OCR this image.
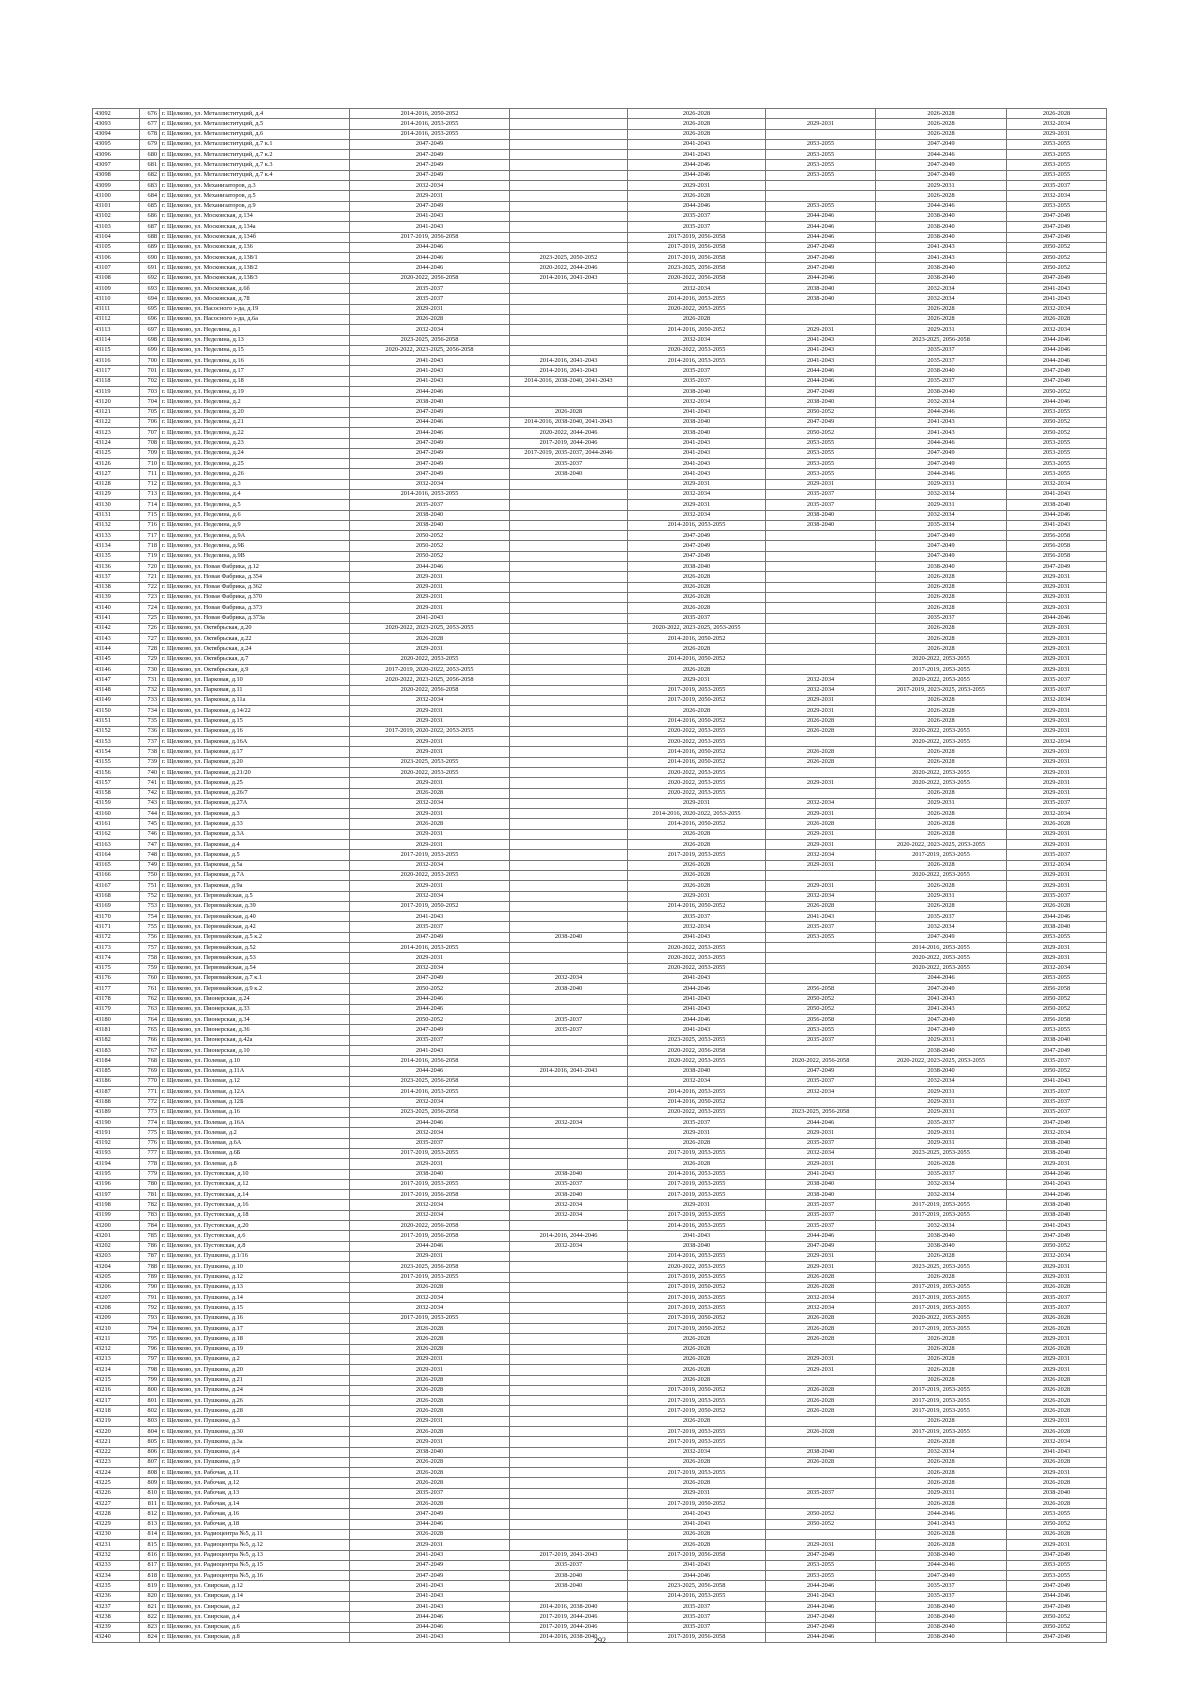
43092	676	г. Щелково, ул. Металлиституций, д.4	2014-2016, 2050-2052		2026-2028		2026-2028	2026-2028
43093	677	г. Щелково, ул. Металлиституций, д.5	2014-2016, 2053-2055		2026-2028	2029-2031	2026-2028	2032-2034
43094	678	г. Щелково, ул. Металлиституций, д.6	2014-2016, 2053-2055		2026-2028		2026-2028	2029-2031
43095	679	г. Щелково, ул. Металлиституций, д.7 к.1	2047-2049		2041-2043	2053-2055	2047-2049	2053-2055
43096	680	г. Щелково, ул. Металлиституций, д.7 к.2	2047-2049		2041-2043	2053-2055	2044-2046	2053-2055
43097	681	г. Щелково, ул. Металлиституций, д.7 к.3	2047-2049		2044-2046	2053-2055	2047-2049	2053-2055
43098	682	г. Щелково, ул. Металлиституций, д.7 к.4	2047-2049		2044-2046	2053-2055	2047-2049	2053-2055
43099	683	г. Щелково, ул. Механизаторов, д.3	2032-2034		2029-2031		2029-2031	2035-2037
43100	684	г. Щелково, ул. Механизаторов, д.5	2029-2031		2026-2028		2026-2028	2032-2034
43101	685	г. Щелково, ул. Механизаторов, д.9	2047-2049		2044-2046	2053-2055	2044-2046	2053-2055
43102	686	г. Щелково, ул. Московская, д.134	2041-2043		2035-2037	2044-2046	2038-2040	2047-2049
43103	687	г. Щелково, ул. Московская, д.134а	2041-2043		2035-2037	2044-2046	2038-2040	2047-2049
43104	688	г. Щелково, ул. Московская, д.134б	2017-2019, 2056-2058		2017-2019, 2056-2058	2044-2046	2038-2040	2047-2049
43105	689	г. Щелково, ул. Московская, д.136	2044-2046		2017-2019, 2056-2058	2047-2049	2041-2043	2050-2052
43106	690	г. Щелково, ул. Московская, д.138/1	2044-2046	2023-2025, 2050-2052	2017-2019, 2056-2058	2047-2049	2041-2043	2050-2052
43107	691	г. Щелково, ул. Московская, д.138/2	2044-2046	2020-2022, 2044-2046	2023-2025, 2056-2058	2047-2049	2038-2040	2050-2052
43108	692	г. Щелково, ул. Московская, д.138/3	2020-2022, 2056-2058	2014-2016, 2041-2043	2020-2022, 2056-2058	2044-2046	2038-2040	2047-2049
43109	693	г. Щелково, ул. Московская, д.6б	2035-2037		2032-2034	2038-2040	2032-2034	2041-2043
43110	694	г. Щелково, ул. Московская, д.78	2035-2037		2014-2016, 2053-2055	2038-2040	2032-2034	2041-2043
43111	695	г. Щелково, ул. Насосного з-да, д.19	2029-2031		2020-2022, 2053-2055		2026-2028	2032-2034
43112	696	г. Щелково, ул. Насосного з-да, д.6а	2026-2028		2026-2028		2026-2028	2026-2028
43113	697	г. Щелково, ул. Неделина, д.1	2032-2034		2014-2016, 2050-2052	2029-2031	2029-2031	2032-2034
43114	698	г. Щелково, ул. Неделина, д.13	2023-2025, 2056-2058		2032-2034	2041-2043	2023-2025, 2056-2058	2044-2046
43115	699	г. Щелково, ул. Неделина, д.15	2020-2022, 2023-2025, 2056-2058		2020-2022, 2053-2055	2041-2043	2035-2037	2044-2046
43116	700	г. Щелково, ул. Неделина, д.16	2041-2043	2014-2016, 2041-2043	2014-2016, 2053-2055	2041-2043	2035-2037	2044-2046
43117	701	г. Щелково, ул. Неделина, д.17	2041-2043	2014-2016, 2041-2043	2035-2037	2044-2046	2038-2040	2047-2049
43118	702	г. Щелково, ул. Неделина, д.18	2041-2043	2014-2016, 2038-2040, 2041-2043	2035-2037	2044-2046	2035-2037	2047-2049
43119	703	г. Щелково, ул. Неделина, д.19	2044-2046		2038-2040	2047-2049	2038-2040	2050-2052
43120	704	г. Щелково, ул. Неделина, д.2	2038-2040		2032-2034	2038-2040	2032-2034	2044-2046
43121	705	г. Щелково, ул. Неделина, д.20	2047-2049	2026-2028	2041-2043	2050-2052	2044-2046	2053-2055
43122	706	г. Щелково, ул. Неделина, д.21	2044-2046	2014-2016, 2038-2040, 2041-2043	2038-2040	2047-2049	2041-2043	2050-2052
43123	707	г. Щелково, ул. Неделина, д.22	2044-2046	2020-2022, 2044-2046	2038-2040	2050-2052	2041-2043	2050-2052
43124	708	г. Щелково, ул. Неделина, д.23	2047-2049	2017-2019, 2044-2046	2041-2043	2053-2055	2044-2046	2053-2055
43125	709	г. Щелково, ул. Неделина, д.24	2047-2049	2017-2019, 2035-2037, 2044-2046	2041-2043	2053-2055	2047-2049	2053-2055
43126	710	г. Щелково, ул. Неделина, д.25	2047-2049	2035-2037	2041-2043	2053-2055	2047-2049	2053-2055
43127	711	г. Щелково, ул. Неделина, д.26	2047-2049	2038-2040	2041-2043	2053-2055	2044-2046	2053-2055
43128	712	г. Щелково, ул. Неделина, д.3	2032-2034		2029-2031	2029-2031	2029-2031	2032-2034
43129	713	г. Щелково, ул. Неделина, д.4	2014-2016, 2053-2055		2032-2034	2035-2037	2032-2034	2041-2043
43130	714	г. Щелково, ул. Неделина, д.5	2035-2037		2029-2031	2035-2037	2029-2031	2038-2040
43131	715	г. Щелково, ул. Неделина, д.6	2038-2040		2032-2034	2038-2040	2032-2034	2044-2046
43132	716	г. Щелково, ул. Неделина, д.9	2038-2040		2014-2016, 2053-2055	2038-2040	2035-2034	2041-2043
43133	717	г. Щелково, ул. Неделина, д.9А	2050-2052		2047-2049		2047-2049	2056-2058
43134	718	г. Щелково, ул. Неделина, д.9Б	2050-2052		2047-2049		2047-2049	2056-2058
43135	719	г. Щелково, ул. Неделина, д.9В	2050-2052		2047-2049		2047-2049	2056-2058
43136	720	г. Щелково, ул. Новая Фабрика, д.12	2044-2046		2038-2040		2038-2040	2047-2049
43137	721	г. Щелково, ул. Новая Фабрика, д.354	2029-2031		2026-2028		2026-2028	2029-2031
43138	722	г. Щелково, ул. Новая Фабрика, д.362	2029-2031		2026-2028		2026-2028	2029-2031
43139	723	г. Щелково, ул. Новая Фабрика, д.370	2029-2031		2026-2028		2026-2028	2029-2031
43140	724	г. Щелково, ул. Новая Фабрика, д.373	2029-2031		2026-2028		2026-2028	2029-2031
43141	725	г. Щелково, ул. Новая Фабрика, д.373а	2041-2043		2035-2037		2035-2037	2044-2046
43142	726	г. Щелково, ул. Октябрьская, д.20	2020-2022, 2023-2025, 2053-2055		2020-2022, 2023-2025, 2053-2055		2026-2028	2029-2031
43143	727	г. Щелково, ул. Октябрьская, д.22	2026-2028		2014-2016, 2050-2052		2026-2028	2029-2031
43144	728	г. Щелково, ул. Октябрьская, д.24	2029-2031		2026-2028		2026-2028	2029-2031
43145	729	г. Щелково, ул. Октябрьская, д.7	2020-2022, 2053-2055		2014-2016, 2050-2052		2020-2022, 2053-2055	2029-2031
43146	730	г. Щелково, ул. Октябрьская, д.9	2017-2019, 2020-2022, 2053-2055		2026-2028		2017-2019, 2053-2055	2029-2031
43147	731	г. Щелково, ул. Парковая, д.10	2020-2022, 2023-2025, 2056-2058		2029-2031	2032-2034	2020-2022, 2053-2055	2035-2037
43148	732	г. Щелково, ул. Парковая, д.11	2020-2022, 2056-2058		2017-2019, 2053-2055	2032-2034	2017-2019, 2023-2025, 2053-2055	2035-2037
43149	733	г. Щелково, ул. Парковая, д.11а	2032-2034		2017-2019, 2050-2052	2029-2031	2026-2028	2032-2034
43150	734	г. Щелково, ул. Парковая, д.14/22	2029-2031		2026-2028	2029-2031	2026-2028	2029-2031
43151	735	г. Щелково, ул. Парковая, д.15	2029-2031		2014-2016, 2050-2052	2026-2028	2026-2028	2029-2031
43152	736	г. Щелково, ул. Парковая, д.16	2017-2019, 2020-2022, 2053-2055		2020-2022, 2053-2055	2026-2028	2020-2022, 2053-2055	2029-2031
43153	737	г. Щелково, ул. Парковая, д.16А	2029-2031		2020-2022, 2053-2055		2020-2022, 2053-2055	2032-2034
43154	738	г. Щелково, ул. Парковая, д.17	2029-2031		2014-2016, 2050-2052	2026-2028	2026-2028	2029-2031
43155	739	г. Щелково, ул. Парковая, д.20	2023-2025, 2053-2055		2014-2016, 2050-2052	2026-2028	2026-2028	2029-2031
43156	740	г. Щелково, ул. Парковая, д.21/20	2020-2022, 2053-2055		2020-2022, 2053-2055		2020-2022, 2053-2055	2029-2031
43157	741	г. Щелково, ул. Парковая, д.25	2029-2031		2020-2022, 2053-2055	2029-2031	2020-2022, 2053-2055	2029-2031
43158	742	г. Щелково, ул. Парковая, д.26/7	2026-2028		2020-2022, 2053-2055		2026-2028	2029-2031
43159	743	г. Щелково, ул. Парковая, д.27А	2032-2034		2029-2031	2032-2034	2029-2031	2035-2037
43160	744	г. Щелково, ул. Парковая, д.3	2029-2031		2014-2016, 2020-2022, 2053-2055	2029-2031	2026-2028	2032-2034
43161	745	г. Щелково, ул. Парковая, д.33	2026-2028		2014-2016, 2050-2052	2026-2028	2026-2028	2026-2028
43162	746	г. Щелково, ул. Парковая, д.3А	2029-2031		2026-2028	2029-2031	2026-2028	2029-2031
43163	747	г. Щелково, ул. Парковая, д.4	2029-2031		2026-2028	2029-2031	2020-2022, 2023-2025, 2053-2055	2029-2031
43164	748	г. Щелково, ул. Парковая, д.5	2017-2019, 2053-2055		2017-2019, 2053-2055	2032-2034	2017-2019, 2053-2055	2035-2037
43165	749	г. Щелково, ул. Парковая, д.5а	2032-2034		2026-2028	2029-2031	2026-2028	2032-2034
43166	750	г. Щелково, ул. Парковая, д.7А	2020-2022, 2053-2055		2026-2028		2020-2022, 2053-2055	2029-2031
43167	751	г. Щелково, ул. Парковая, д.9а	2029-2031		2026-2028	2029-2031	2026-2028	2029-2031
43168	752	г. Щелково, ул. Первомайская, д.5	2032-2034		2029-2031	2032-2034	2029-2031	2035-2037
43169	753	г. Щелково, ул. Первомайская, д.39	2017-2019, 2050-2052		2014-2016, 2050-2052	2026-2028	2026-2028	2026-2028
43170	754	г. Щелково, ул. Первомайская, д.40	2041-2043		2035-2037	2041-2043	2035-2037	2044-2046
43171	755	г. Щелково, ул. Первомайская, д.42	2035-2037		2032-2034	2035-2037	2032-2034	2038-2040
43172	756	г. Щелково, ул. Первомайская, д.5 к.2	2047-2049	2038-2040	2041-2043	2053-2055	2047-2049	2053-2055
43173	757	г. Щелково, ул. Первомайская, д.52	2014-2016, 2053-2055		2020-2022, 2053-2055		2014-2016, 2053-2055	2029-2031
43174	758	г. Щелково, ул. Первомайская, д.53	2029-2031		2020-2022, 2053-2055		2020-2022, 2053-2055	2029-2031
43175	759	г. Щелково, ул. Первомайская, д.54	2032-2034		2020-2022, 2053-2055		2020-2022, 2053-2055	2032-2034
43176	760	г. Щелково, ул. Первомайская, д.7 к.1	2047-2049	2032-2034	2041-2043		2044-2046	2053-2055
43177	761	г. Щелково, ул. Первомайская, д.9 к.2	2050-2052	2038-2040	2044-2046	2056-2058	2047-2049	2056-2058
43178	762	г. Щелково, ул. Пионерская, д.24	2044-2046		2041-2043	2050-2052	2041-2043	2050-2052
43179	763	г. Щелково, ул. Пионерская, д.33	2044-2046		2041-2043	2050-2052	2041-2043	2050-2052
43180	764	г. Щелково, ул. Пионерская, д.34	2050-2052	2035-2037	2044-2046	2056-2058	2047-2049	2056-2058
43181	765	г. Щелково, ул. Пионерская, д.36	2047-2049	2035-2037	2041-2043	2053-2055	2047-2049	2053-2055
43182	766	г. Щелково, ул. Пионерская, д.42а	2035-2037		2023-2025, 2053-2055	2035-2037	2029-2031	2038-2040
43183	767	г. Щелково, ул. Пионерская, д.10	2041-2043		2020-2022, 2056-2058		2038-2040	2047-2049
43184	768	г. Щелково, ул. Полевая, д.10	2014-2016, 2056-2058		2020-2022, 2053-2055	2020-2022, 2056-2058	2020-2022, 2023-2025, 2053-2055	2035-2037
43185	769	г. Щелково, ул. Полевая, д.11А	2044-2046	2014-2016, 2041-2043	2038-2040	2047-2049	2038-2040	2050-2052
43186	770	г. Щелково, ул. Полевая, д.12	2023-2025, 2056-2058		2032-2034	2035-2037	2032-2034	2041-2043
43187	771	г. Щелково, ул. Полевая, д.12А	2014-2016, 2053-2055		2014-2016, 2053-2055	2032-2034	2029-2031	2035-2037
43188	772	г. Щелково, ул. Полевая, д.12Б	2032-2034		2014-2016, 2050-2052		2029-2031	2035-2037
43189	773	г. Щелково, ул. Полевая, д.16	2023-2025, 2056-2058		2020-2022, 2053-2055	2023-2025, 2056-2058	2029-2031	2035-2037
43190	774	г. Щелково, ул. Полевая, д.16А	2044-2046	2032-2034	2035-2037	2044-2046	2035-2037	2047-2049
43191	775	г. Щелково, ул. Полевая, д.2	2032-2034		2029-2031	2029-2031	2029-2031	2032-2034
43192	776	г. Щелково, ул. Полевая, д.6А	2035-2037		2026-2028	2035-2037	2029-2031	2038-2040
43193	777	г. Щелково, ул. Полевая, д.6Б	2017-2019, 2053-2055		2017-2019, 2053-2055	2032-2034	2023-2025, 2053-2055	2038-2040
43194	778	г. Щелково, ул. Полевая, д.8	2029-2031		2026-2028	2029-2031	2026-2028	2029-2031
43195	779	г. Щелково, ул. Пустовская, д.10	2038-2040	2038-2040	2014-2016, 2053-2055	2041-2043	2035-2037	2044-2046
43196	780	г. Щелково, ул. Пустовская, д.12	2017-2019, 2053-2055	2035-2037	2017-2019, 2053-2055	2038-2040	2032-2034	2041-2043
43197	781	г. Щелково, ул. Пустовская, д.14	2017-2019, 2056-2058	2038-2040	2017-2019, 2053-2055	2038-2040	2032-2034	2044-2046
43198	782	г. Щелково, ул. Пустовская, д.16	2032-2034	2032-2034	2029-2031	2035-2037	2017-2019, 2053-2055	2038-2040
43199	783	г. Щелково, ул. Пустовская, д.18	2032-2034	2032-2034	2017-2019, 2053-2055	2035-2037	2017-2019, 2053-2055	2038-2040
43200	784	г. Щелково, ул. Пустовская, д.20	2020-2022, 2056-2058		2014-2016, 2053-2055	2035-2037	2032-2034	2041-2043
43201	785	г. Щелково, ул. Пустовская, д.6	2017-2019, 2056-2058	2014-2016, 2044-2046	2041-2043	2044-2046	2038-2040	2047-2049
43202	786	г. Щелково, ул. Пустовская, д.8	2044-2046	2032-2034	2038-2040	2047-2049	2038-2040	2050-2052
43203	787	г. Щелково, ул. Пушкина, д.1/16	2029-2031		2014-2016, 2053-2055	2029-2031	2026-2028	2032-2034
43204	788	г. Щелково, ул. Пушкина, д.10	2023-2025, 2056-2058		2020-2022, 2053-2055	2029-2031	2023-2025, 2053-2055	2029-2031
43205	789	г. Щелково, ул. Пушкина, д.12	2017-2019, 2053-2055		2017-2019, 2053-2055	2026-2028	2026-2028	2029-2031
43206	790	г. Щелково, ул. Пушкина, д.13	2026-2028		2017-2019, 2050-2052	2026-2028	2017-2019, 2053-2055	2026-2028
43207	791	г. Щелково, ул. Пушкина, д.14	2032-2034		2017-2019, 2053-2055	2032-2034	2017-2019, 2053-2055	2035-2037
43208	792	г. Щелково, ул. Пушкина, д.15	2032-2034		2017-2019, 2053-2055	2032-2034	2017-2019, 2053-2055	2035-2037
43209	793	г. Щелково, ул. Пушкина, д.16	2017-2019, 2053-2055		2017-2019, 2050-2052	2026-2028	2020-2022, 2053-2055	2026-2028
43210	794	г. Щелково, ул. Пушкина, д.17	2026-2028		2017-2019, 2050-2052	2026-2028	2017-2019, 2053-2055	2026-2028
43211	795	г. Щелково, ул. Пушкина, д.18	2026-2028		2026-2028	2026-2028	2026-2028	2029-2031
43212	796	г. Щелково, ул. Пушкина, д.19	2026-2028		2026-2028		2026-2028	2026-2028
43213	797	г. Щелково, ул. Пушкина, д.2	2029-2031		2026-2028	2029-2031	2026-2028	2029-2031
43214	798	г. Щелково, ул. Пушкина, д.20	2029-2031		2026-2028	2029-2031	2026-2028	2029-2031
43215	799	г. Щелково, ул. Пушкина, д.21	2026-2028		2026-2028		2026-2028	2026-2028
43216	800	г. Щелково, ул. Пушкина, д.24	2026-2028		2017-2019, 2050-2052	2026-2028	2017-2019, 2053-2055	2026-2028
43217	801	г. Щелково, ул. Пушкина, д.26	2026-2028		2017-2019, 2053-2055	2026-2028	2017-2019, 2053-2055	2026-2028
43218	802	г. Щелково, ул. Пушкина, д.28	2026-2028		2017-2019, 2050-2052	2026-2028	2017-2019, 2053-2055	2026-2028
43219	803	г. Щелково, ул. Пушкина, д.3	2029-2031		2026-2028		2026-2028	2029-2031
43220	804	г. Щелково, ул. Пушкина, д.30	2026-2028		2017-2019, 2053-2055	2026-2028	2017-2019, 2053-2055	2026-2028
43221	805	г. Щелково, ул. Пушкина, д.3а	2029-2031		2017-2019, 2053-2055		2026-2028	2032-2034
43222	806	г. Щелково, ул. Пушкина, д.4	2038-2040		2032-2034	2038-2040	2032-2034	2041-2043
43223	807	г. Щелково, ул. Пушкина, д.9	2026-2028		2026-2028	2026-2028	2026-2028	2026-2028
43224	808	г. Щелково, ул. Рабочая, д.11	2026-2028		2017-2019, 2053-2055		2026-2028	2029-2031
43225	809	г. Щелково, ул. Рабочая, д.12	2026-2028		2026-2028		2026-2028	2026-2028
43226	810	г. Щелково, ул. Рабочая, д.13	2035-2037		2029-2031	2035-2037	2029-2031	2038-2040
43227	811	г. Щелково, ул. Рабочая, д.14	2026-2028		2017-2019, 2050-2052		2026-2028	2026-2028
43228	812	г. Щелково, ул. Рабочая, д.16	2047-2049		2041-2043	2050-2052	2044-2046	2053-2055
43229	813	г. Щелково, ул. Рабочая, д.18	2044-2046		2041-2043	2050-2052	2041-2043	2050-2052
43230	814	г. Щелково, ул. Радиоцентра №5, д.11	2026-2028		2026-2028		2026-2028	2026-2028
43231	815	г. Щелково, ул. Радиоцентра №5, д.12	2029-2031		2026-2028	2029-2031	2026-2028	2029-2031
43232	816	г. Щелково, ул. Радиоцентра №5, д.13	2041-2043	2017-2019, 2041-2043	2017-2019, 2056-2058	2047-2049	2038-2040	2047-2049
43233	817	г. Щелково, ул. Радиоцентра №5, д.15	2047-2049	2035-2037	2041-2043	2053-2055	2044-2046	2053-2055
43234	818	г. Щелково, ул. Радиоцентра №5, д.16	2047-2049	2038-2040	2044-2046	2053-2055	2047-2049	2053-2055
43235	819	г. Щелково, ул. Свирская, д.12	2041-2043	2038-2040	2023-2025, 2056-2058	2044-2046	2035-2037	2047-2049
43236	820	г. Щелково, ул. Свирская, д.14	2041-2043		2014-2016, 2053-2055	2041-2043	2035-2037	2044-2046
43237	821	г. Щелково, ул. Свирская, д.2	2041-2043	2014-2016, 2038-2040	2035-2037	2044-2046	2038-2040	2047-2049
43238	822	г. Щелково, ул. Свирская, д.4	2044-2046	2017-2019, 2044-2046	2035-2037	2047-2049	2038-2040	2050-2052
43239	823	г. Щелково, ул. Свирская, д.6	2044-2046	2017-2019, 2044-2046	2035-2037	2047-2049	2038-2040	2050-2052
43240	824	г. Щелково, ул. Свирская, д.8	2041-2043	2014-2016, 2038-2040	2017-2019, 2056-2058	2044-2046	2038-2040	2047-2049
292
